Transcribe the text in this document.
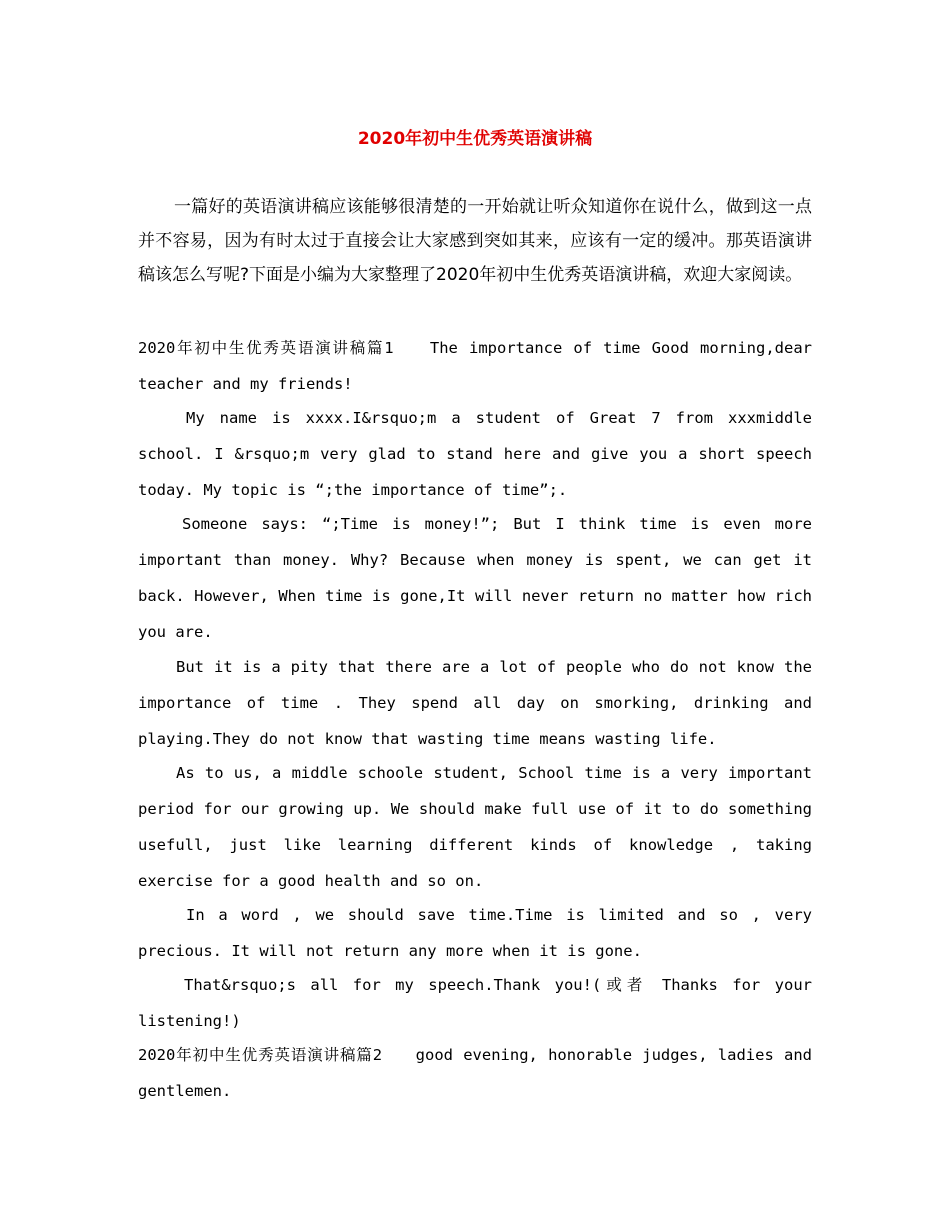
2020年初中生优秀英语演讲稿

一篇好的英语演讲稿应该能够很清楚的一开始就让听众知道你在说什么，做到这一点并不容易，因为有时太过于直接会让大家感到突如其来，应该有一定的缓冲。那英语演讲稿该怎么写呢?下面是小编为大家整理了2020年初中生优秀英语演讲稿，欢迎大家阅读。

2020年初中生优秀英语演讲稿篇1　　The importance of time Good morning,dear teacher and my friends!

My name is xxxx.I&rsquo;m a student of Great 7 from xxxmiddle school. I &rsquo;m very glad to stand here and give you a short speech today. My topic is “;the importance of time”;.

Someone says: “;Time is money!”; But I think time is even more important than money. Why? Because when money is spent, we can get it back. However, When time is gone,It will never return no matter how rich you are.

But it is a pity that there are a lot of people who do not know the importance of time . They spend all day on smorking, drinking and playing.They do not know that wasting time means wasting life.

As to us, a middle schoole student, School time is a very important period for our growing up. We should make full use of it to do something usefull, just like learning different kinds of knowledge , taking exercise for a good health and so on.

In a word , we should save time.Time is limited and so , very precious. It will not return any more when it is gone.

That&rsquo;s all for my speech.Thank you!(或者 Thanks for your listening!)

2020年初中生优秀英语演讲稿篇2　　good evening, honorable judges, ladies and gentlemen.
